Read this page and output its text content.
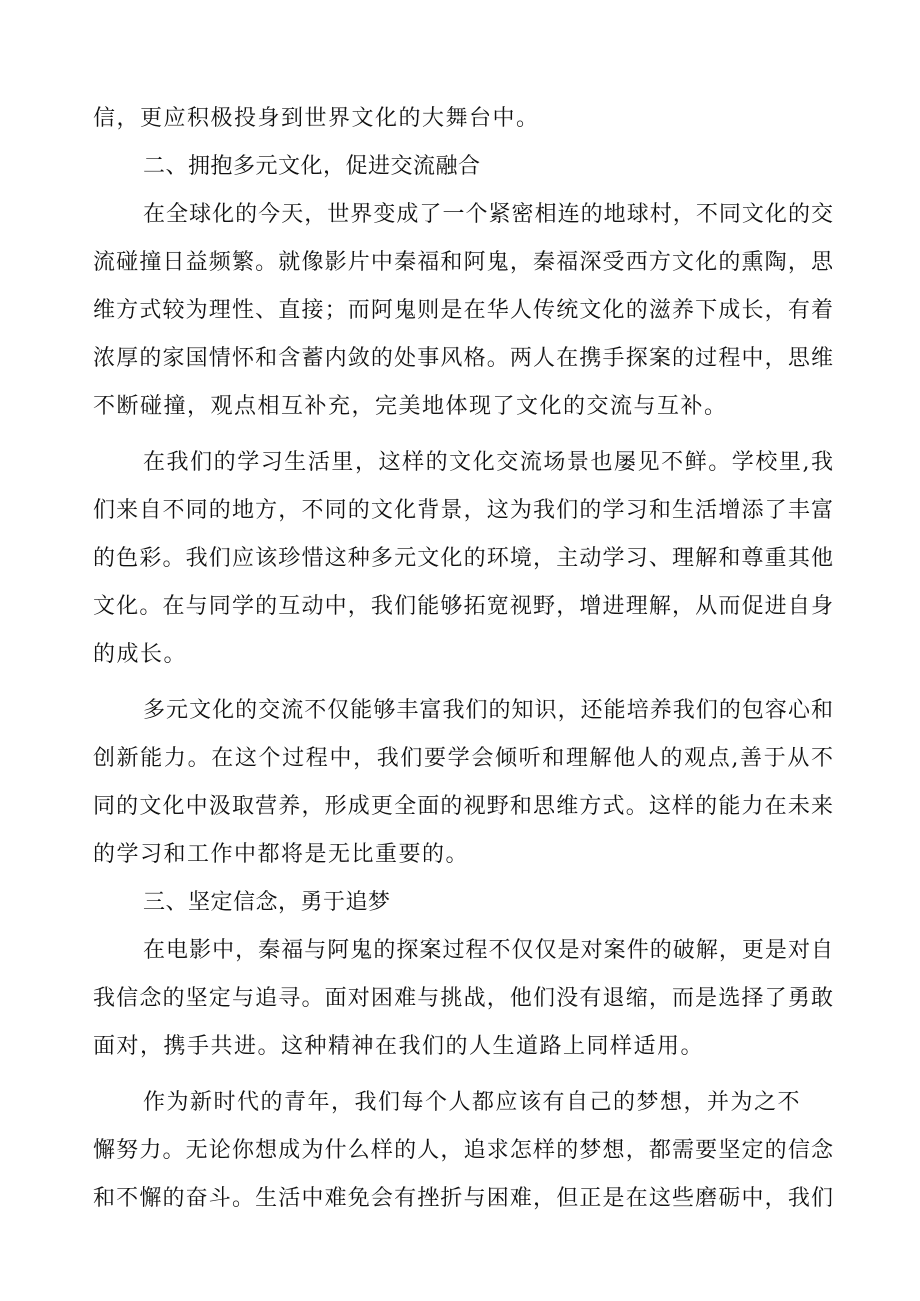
信，更应积极投身到世界文化的大舞台中。
二、拥抱多元文化，促进交流融合
在全球化的今天，世界变成了一个紧密相连的地球村，不同文化的交
流碰撞日益频繁。就像影片中秦福和阿鬼，秦福深受西方文化的熏陶，思
维方式较为理性、直接；而阿鬼则是在华人传统文化的滋养下成长，有着
浓厚的家国情怀和含蓄内敛的处事风格。两人在携手探案的过程中，思维
不断碰撞，观点相互补充，完美地体现了文化的交流与互补。
在我们的学习生活里，这样的文化交流场景也屡见不鲜。学校里,我
们来自不同的地方，不同的文化背景，这为我们的学习和生活增添了丰富
的色彩。我们应该珍惜这种多元文化的环境，主动学习、理解和尊重其他
文化。在与同学的互动中，我们能够拓宽视野，增进理解，从而促进自身
的成长。
多元文化的交流不仅能够丰富我们的知识，还能培养我们的包容心和
创新能力。在这个过程中，我们要学会倾听和理解他人的观点,善于从不
同的文化中汲取营养，形成更全面的视野和思维方式。这样的能力在未来
的学习和工作中都将是无比重要的。
三、坚定信念，勇于追梦
在电影中，秦福与阿鬼的探案过程不仅仅是对案件的破解，更是对自
我信念的坚定与追寻。面对困难与挑战，他们没有退缩，而是选择了勇敢
面对，携手共进。这种精神在我们的人生道路上同样适用。
作为新时代的青年，我们每个人都应该有自己的梦想，并为之不
懈努力。无论你想成为什么样的人，追求怎样的梦想，都需要坚定的信念
和不懈的奋斗。生活中难免会有挫折与困难，但正是在这些磨砺中，我们
